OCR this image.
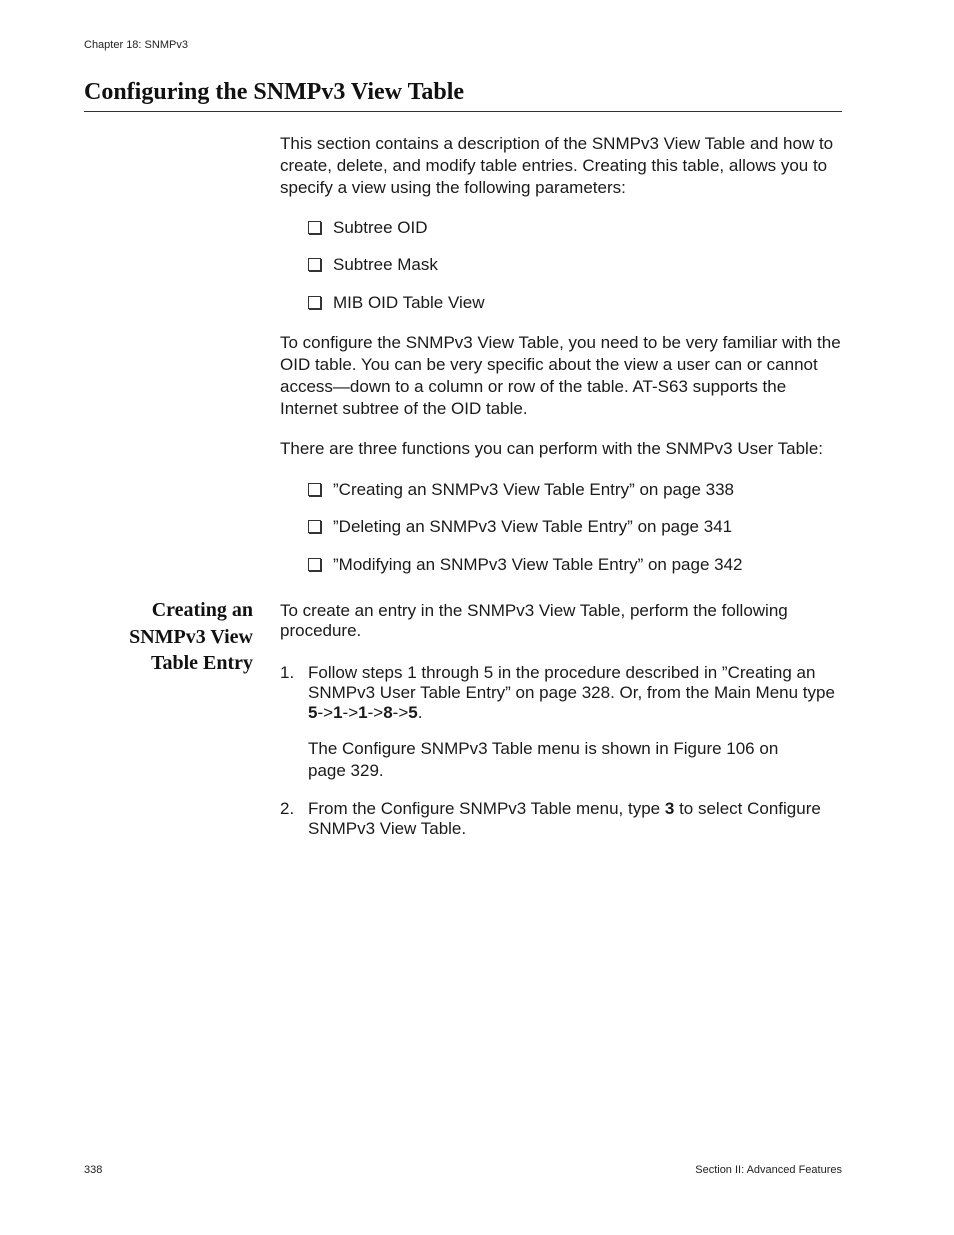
Chapter 18: SNMPv3
Configuring the SNMPv3 View Table

This section contains a description of the SNMPv3 View Table and how to create, delete, and modify table entries. Creating this table, allows you to specify a view using the following parameters:

Subtree OID
Subtree Mask
MIB OID Table View

To configure the SNMPv3 View Table, you need to be very familiar with the OID table. You can be very specific about the view a user can or cannot access—down to a column or row of the table. AT-S63 supports the Internet subtree of the OID table.

There are three functions you can perform with the SNMPv3 User Table:

”Creating an SNMPv3 View Table Entry” on page 338
”Deleting an SNMPv3 View Table Entry” on page 341
”Modifying an SNMPv3 View Table Entry” on page 342
Creating an
SNMPv3 View
Table Entry

To create an entry in the SNMPv3 View Table, perform the following procedure.

1. Follow steps 1 through 5 in the procedure described in ”Creating an SNMPv3 User Table Entry” on page 328. Or, from the Main Menu type 5->1->1->8->5.
The Configure SNMPv3 Table menu is shown in Figure 106 on page 329.
2. From the Configure SNMPv3 Table menu, type 3 to select Configure SNMPv3 View Table.
338	Section II: Advanced Features
